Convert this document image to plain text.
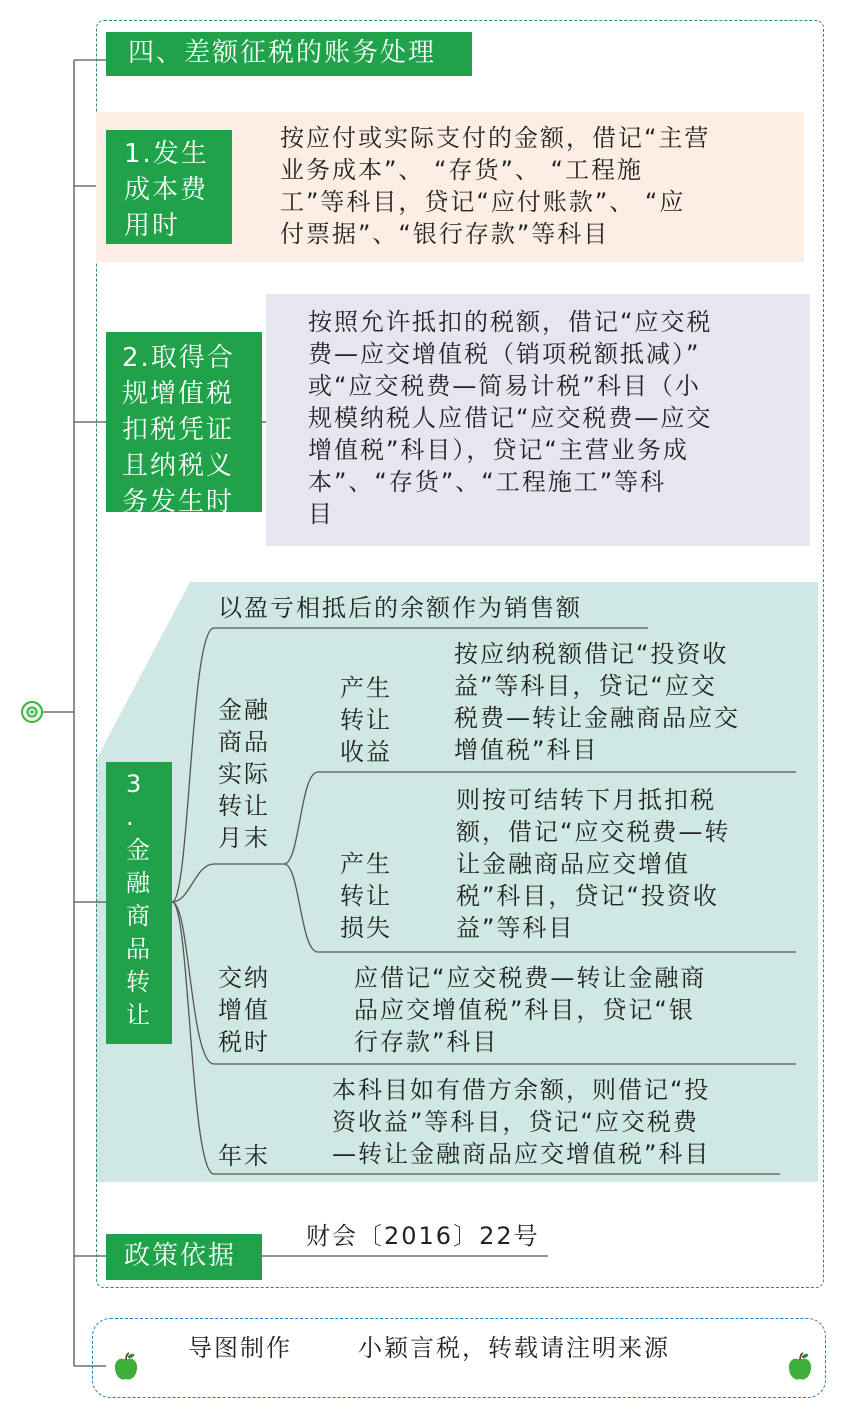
四、差额征税的账务处理
1.发生
成本费
用时
按应付或实际支付的金额，借记“主营
业务成本”、 “存货”、 “工程施
工”等科目，贷记“应付账款”、 “应
付票据”、“银行存款”等科目
2.取得合
规增值税
扣税凭证
且纳税义
务发生时
按照允许抵扣的税额，借记“应交税
费—应交增值税（销项税额抵减）”
或“应交税费—简易计税”科目（小
规模纳税人应借记“应交税费—应交
增值税”科目），贷记“主营业务成
本”、“存货”、“工程施工”等科
目
3
.
金
融
商
品
转
让
以盈亏相抵后的余额作为销售额
金融
商品
实际
转让
月末
产生
转让
收益
按应纳税额借记“投资收
益”等科目，贷记“应交
税费—转让金融商品应交
增值税”科目
产生
转让
损失
则按可结转下月抵扣税
额，借记“应交税费—转
让金融商品应交增值
税”科目，贷记“投资收
益”等科目
交纳
增值
税时
应借记“应交税费—转让金融商
品应交增值税”科目，贷记“银
行存款”科目
年末
本科目如有借方余额，则借记“投
资收益”等科目，贷记“应交税费
—转让金融商品应交增值税”科目
政策依据
财会〔2016〕22号
导图制作	小颖言税，转载请注明来源
